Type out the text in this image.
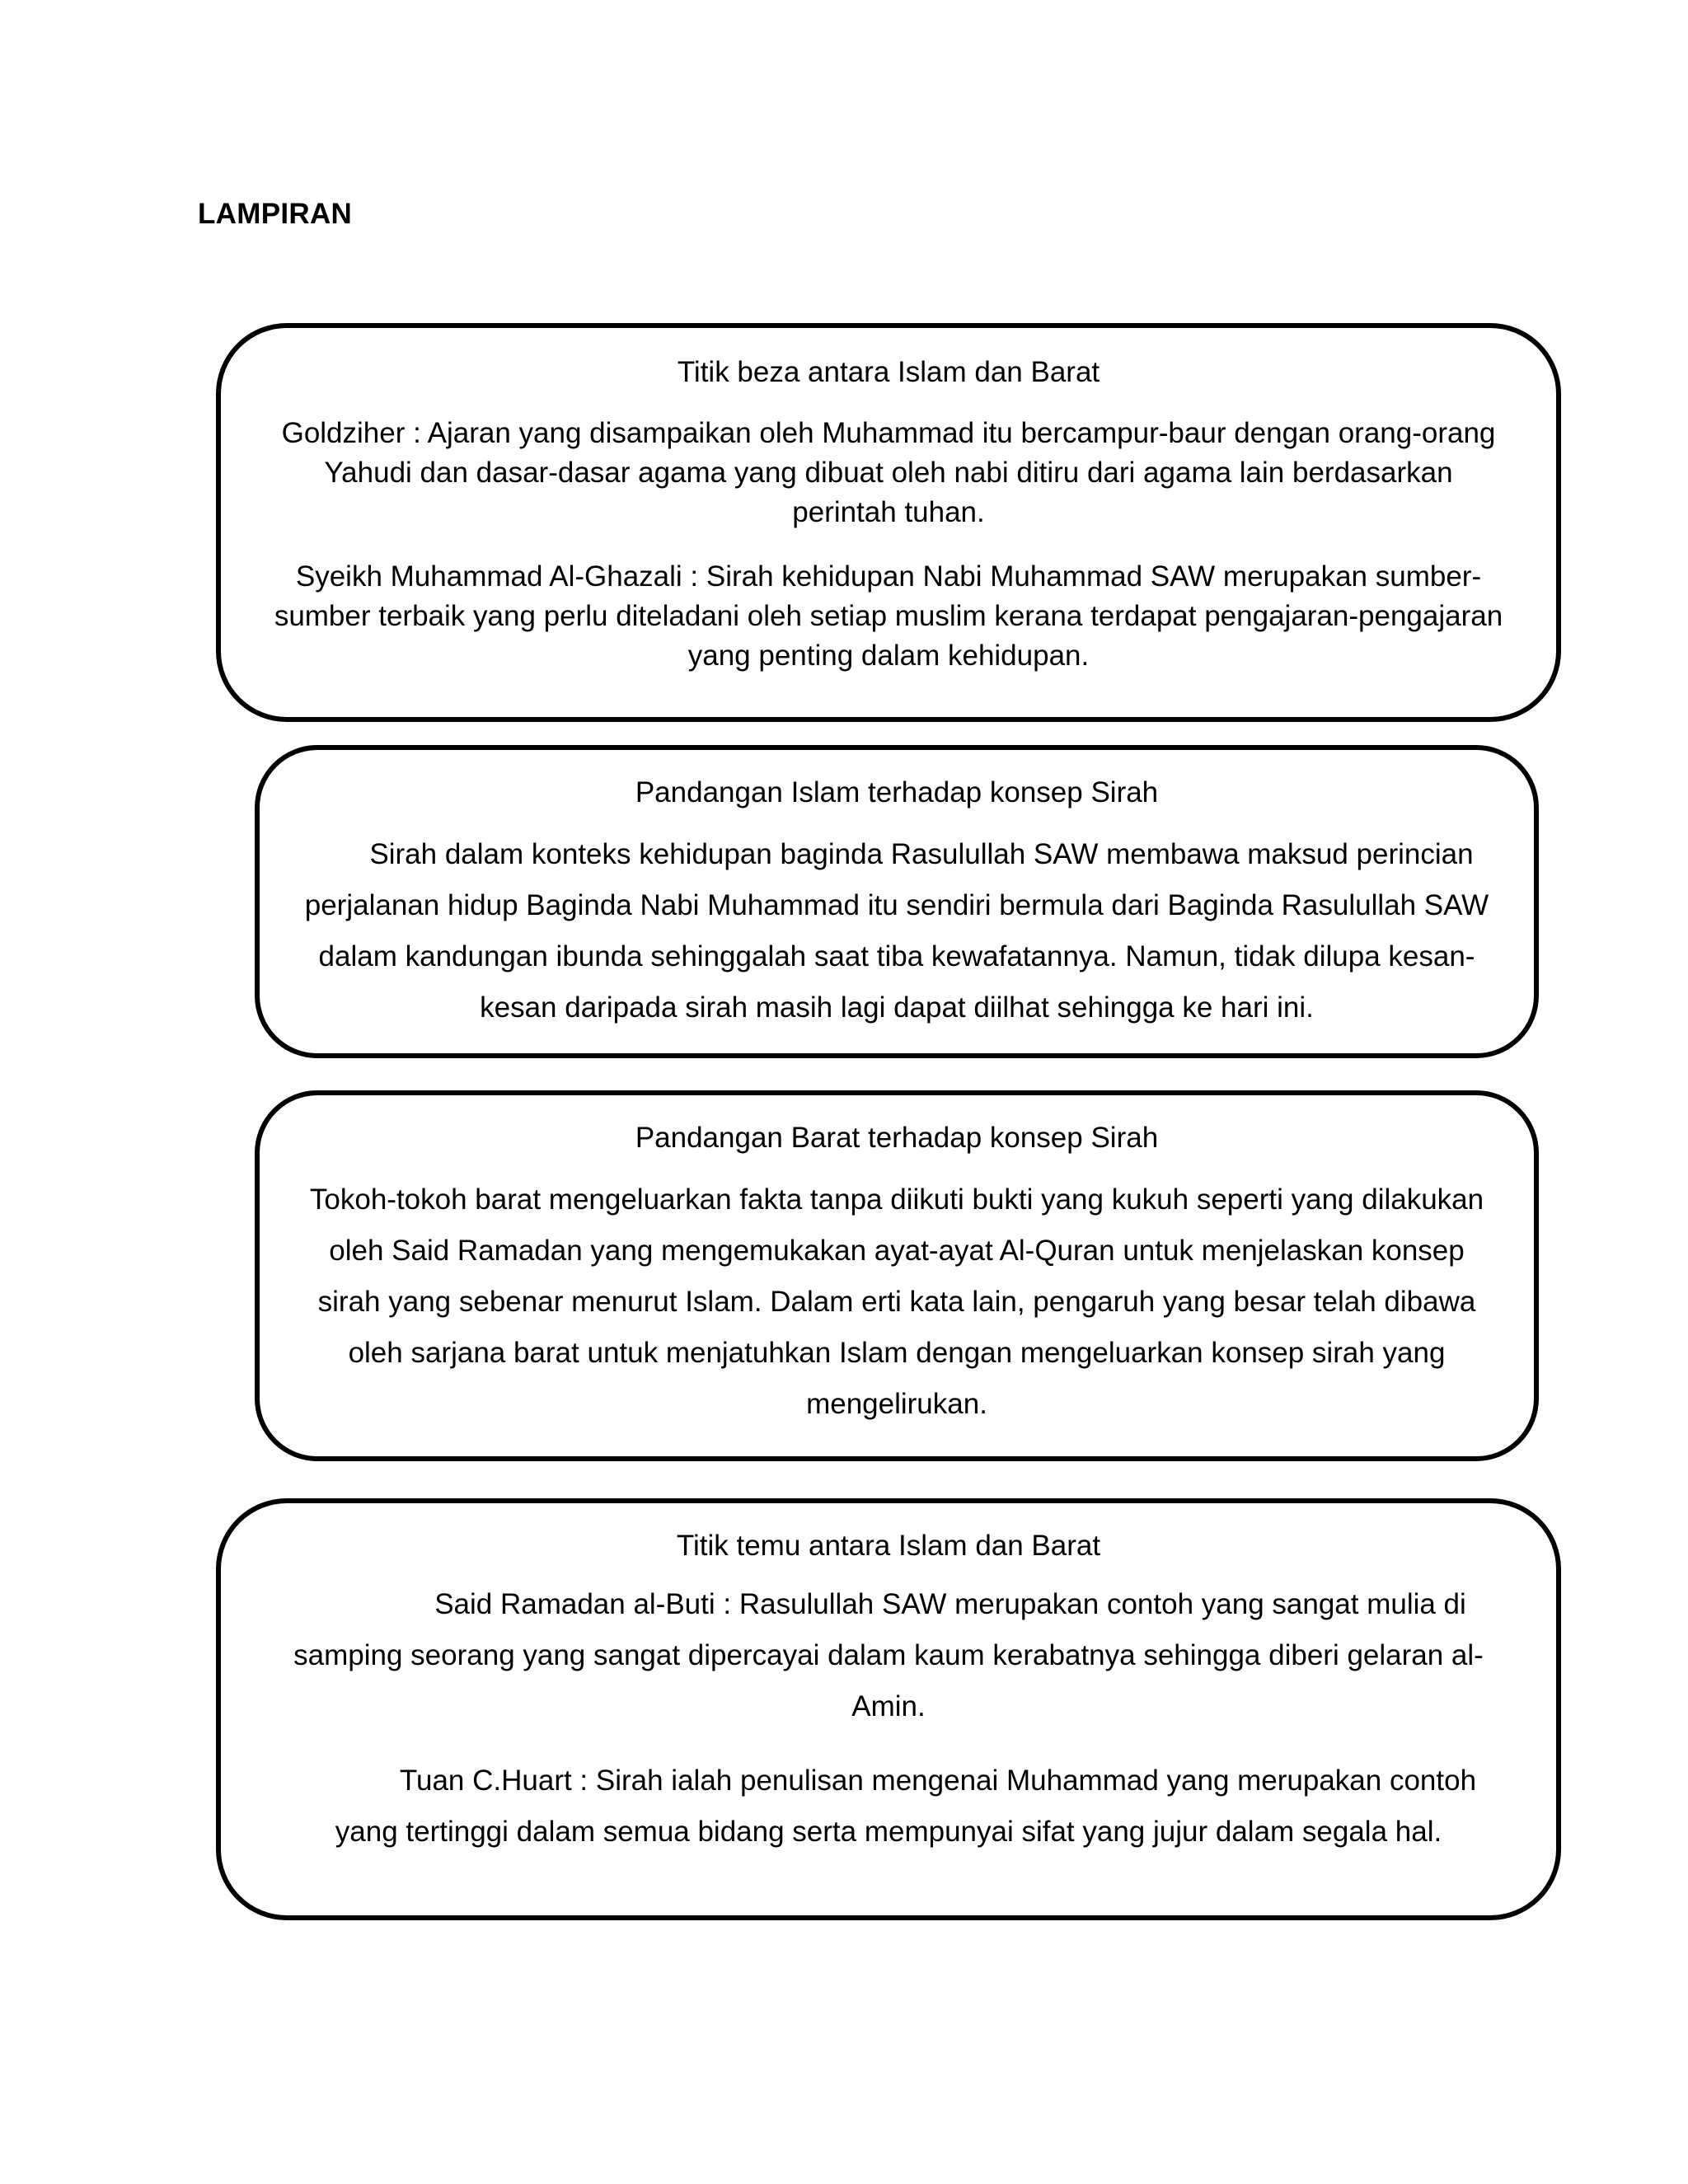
LAMPIRAN

Titik beza antara Islam dan Barat

Goldziher : Ajaran yang disampaikan oleh Muhammad itu bercampur-baur dengan orang-orang Yahudi dan dasar-dasar agama yang dibuat oleh nabi ditiru dari agama lain berdasarkan perintah tuhan.

Syeikh Muhammad Al-Ghazali : Sirah kehidupan Nabi Muhammad SAW merupakan sumber-sumber terbaik yang perlu diteladani oleh setiap muslim kerana terdapat pengajaran-pengajaran yang penting dalam kehidupan.

Pandangan Islam terhadap konsep Sirah

Sirah dalam konteks kehidupan baginda Rasulullah SAW membawa maksud perincian perjalanan hidup Baginda Nabi Muhammad itu sendiri bermula dari Baginda Rasulullah SAW dalam kandungan ibunda sehinggalah saat tiba kewafatannya. Namun, tidak dilupa kesan-kesan daripada sirah masih lagi dapat diilhat sehingga ke hari ini.

Pandangan Barat terhadap konsep Sirah

Tokoh-tokoh barat mengeluarkan fakta tanpa diikuti bukti yang kukuh seperti yang dilakukan oleh Said Ramadan yang mengemukakan ayat-ayat Al-Quran untuk menjelaskan konsep sirah yang sebenar menurut Islam. Dalam erti kata lain, pengaruh yang besar telah dibawa oleh sarjana barat untuk menjatuhkan Islam dengan mengeluarkan konsep sirah yang mengelirukan.

Titik temu antara Islam dan Barat

Said Ramadan al-Buti : Rasulullah SAW merupakan contoh yang sangat mulia di samping seorang yang sangat dipercayai dalam kaum kerabatnya sehingga diberi gelaran al-Amin.

Tuan C.Huart : Sirah ialah penulisan mengenai Muhammad yang merupakan contoh yang tertinggi dalam semua bidang serta mempunyai sifat yang jujur dalam segala hal.
